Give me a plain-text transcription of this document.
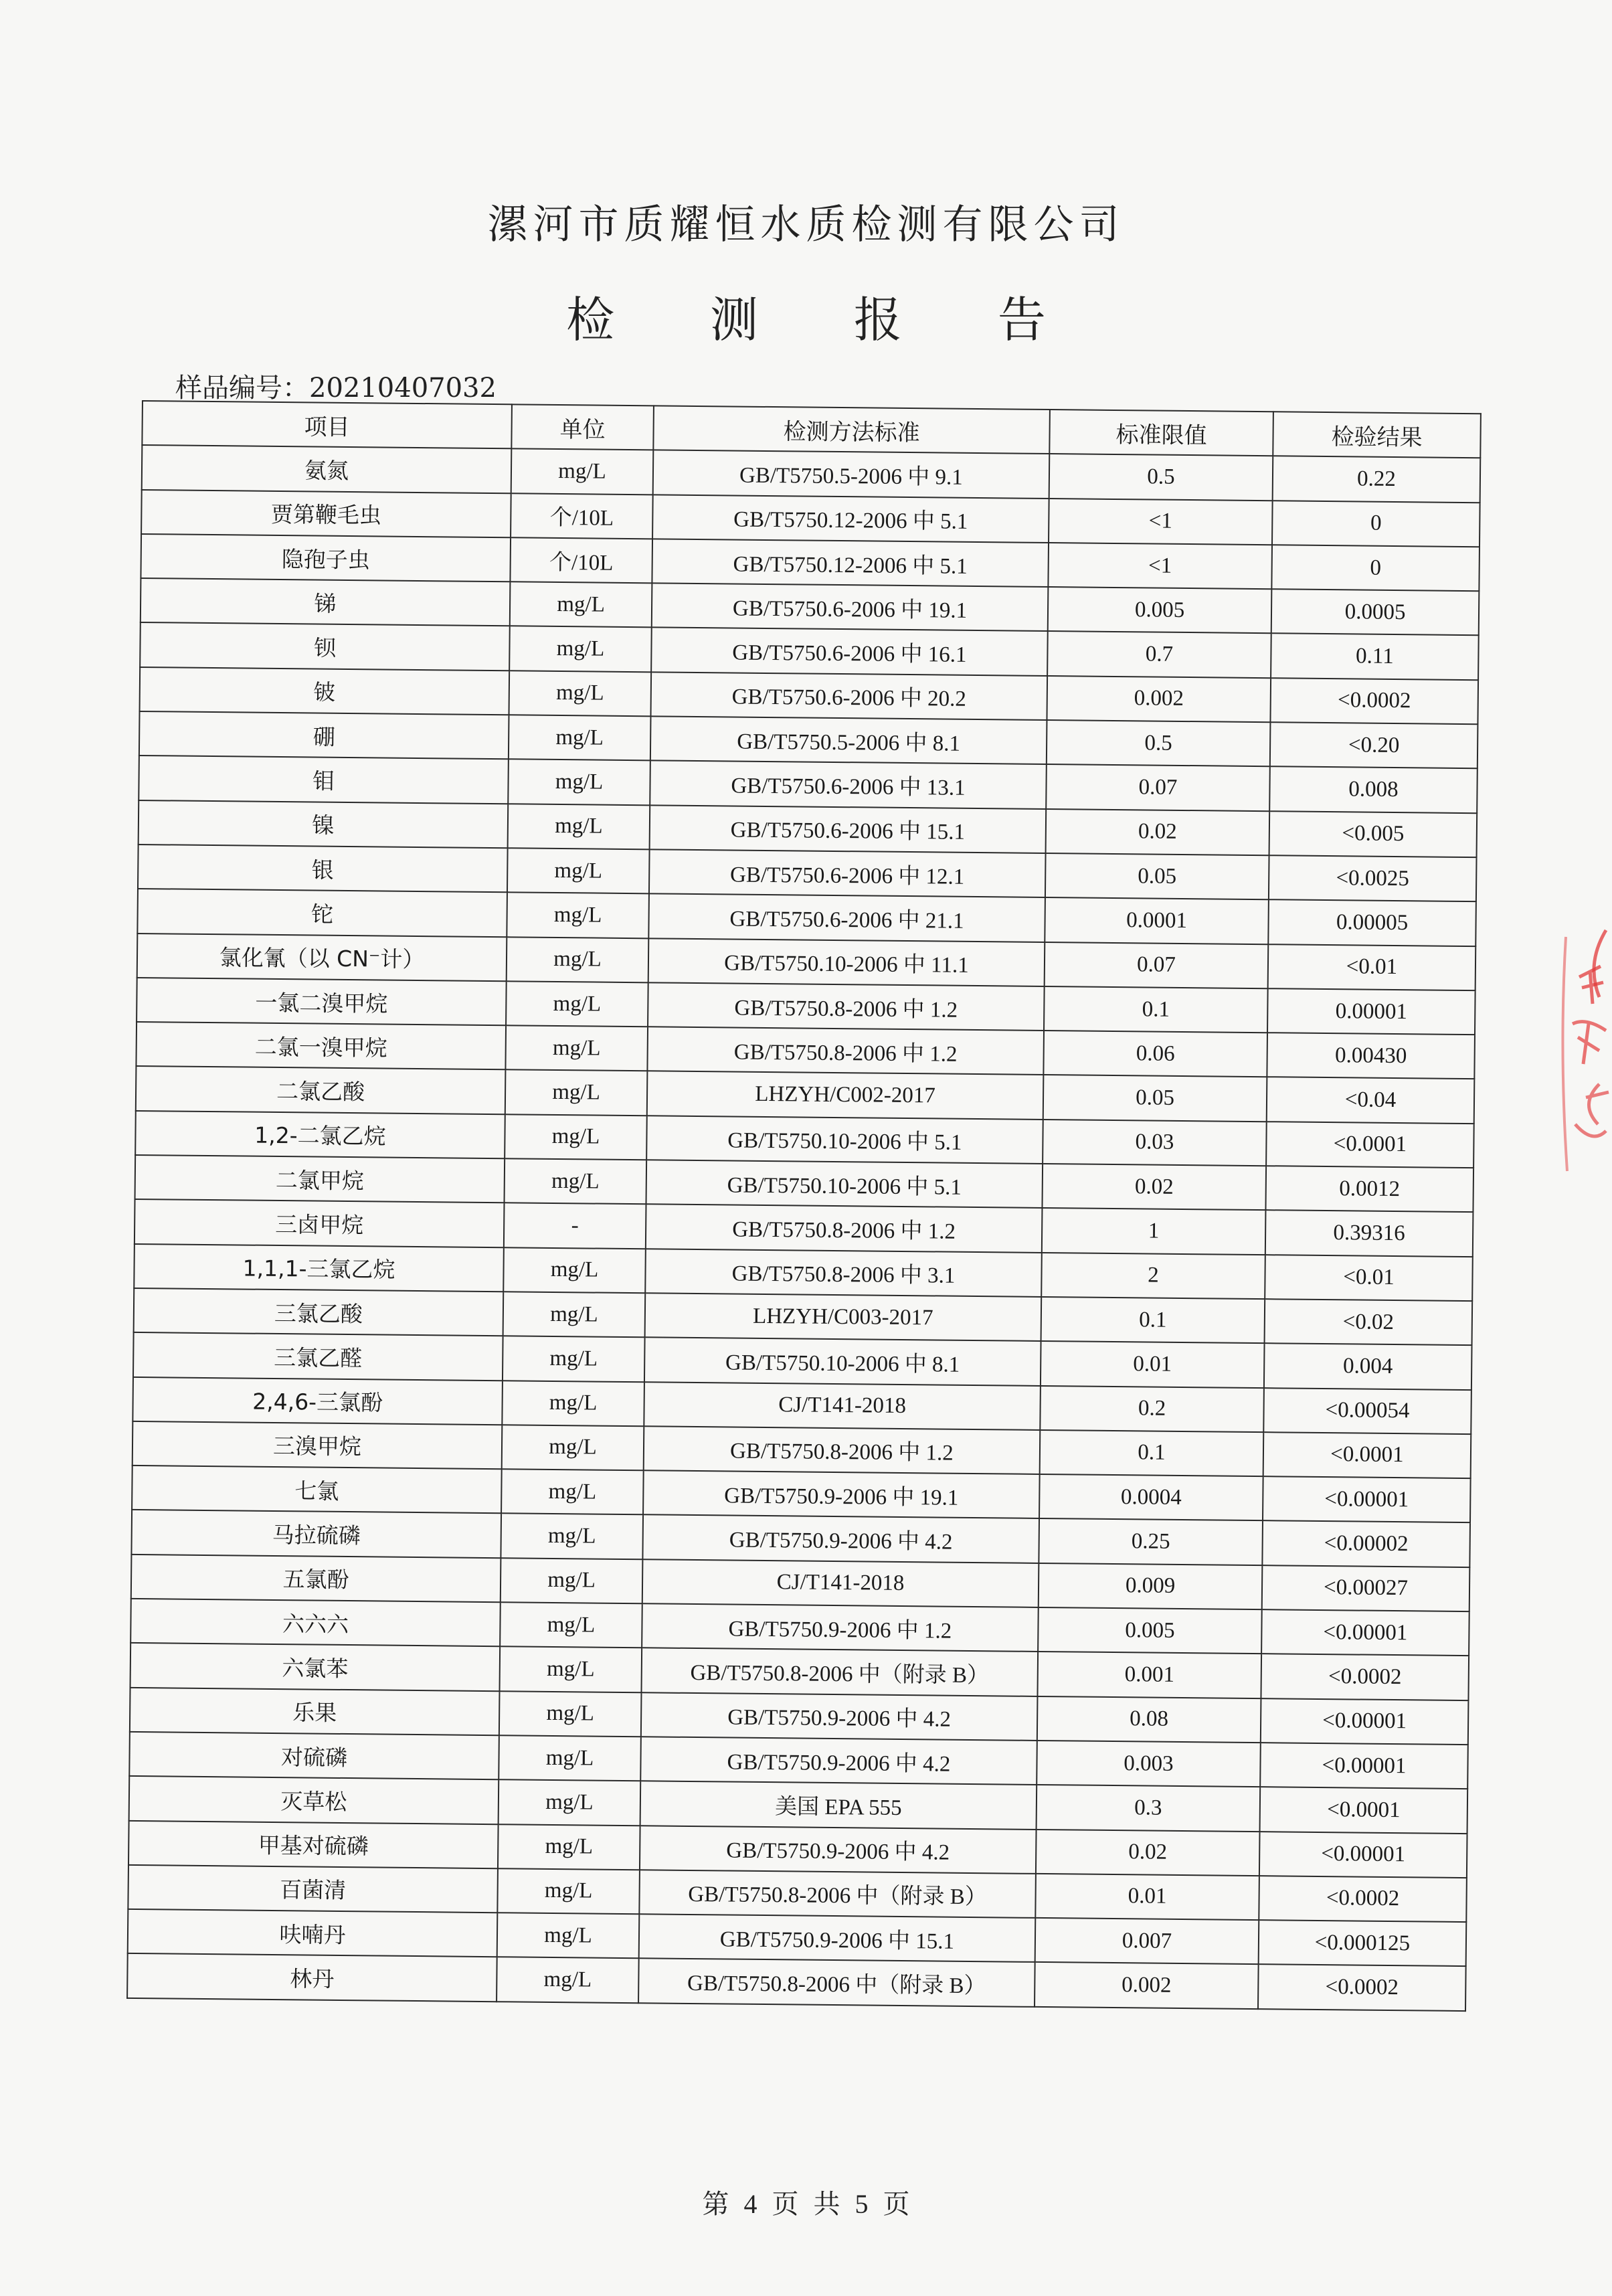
漯河市质耀恒水质检测有限公司
检 测 报 告
样品编号：20210407032
项目	单位	检测方法标准	标准限值	检验结果
氨氮	mg/L	GB/T5750.5-2006 中 9.1	0.5	0.22
贾第鞭毛虫	个/10L	GB/T5750.12-2006 中 5.1	<1	0
隐孢子虫	个/10L	GB/T5750.12-2006 中 5.1	<1	0
锑	mg/L	GB/T5750.6-2006 中 19.1	0.005	0.0005
钡	mg/L	GB/T5750.6-2006 中 16.1	0.7	0.11
铍	mg/L	GB/T5750.6-2006 中 20.2	0.002	<0.0002
硼	mg/L	GB/T5750.5-2006 中 8.1	0.5	<0.20
钼	mg/L	GB/T5750.6-2006 中 13.1	0.07	0.008
镍	mg/L	GB/T5750.6-2006 中 15.1	0.02	<0.005
银	mg/L	GB/T5750.6-2006 中 12.1	0.05	<0.0025
铊	mg/L	GB/T5750.6-2006 中 21.1	0.0001	0.00005
氯化氰（以 CN⁻计）	mg/L	GB/T5750.10-2006 中 11.1	0.07	<0.01
一氯二溴甲烷	mg/L	GB/T5750.8-2006 中 1.2	0.1	0.00001
二氯一溴甲烷	mg/L	GB/T5750.8-2006 中 1.2	0.06	0.00430
二氯乙酸	mg/L	LHZYH/C002-2017	0.05	<0.04
1,2-二氯乙烷	mg/L	GB/T5750.10-2006 中 5.1	0.03	<0.0001
二氯甲烷	mg/L	GB/T5750.10-2006 中 5.1	0.02	0.0012
三卤甲烷	-	GB/T5750.8-2006 中 1.2	1	0.39316
1,1,1-三氯乙烷	mg/L	GB/T5750.8-2006 中 3.1	2	<0.01
三氯乙酸	mg/L	LHZYH/C003-2017	0.1	<0.02
三氯乙醛	mg/L	GB/T5750.10-2006 中 8.1	0.01	0.004
2,4,6-三氯酚	mg/L	CJ/T141-2018	0.2	<0.00054
三溴甲烷	mg/L	GB/T5750.8-2006 中 1.2	0.1	<0.0001
七氯	mg/L	GB/T5750.9-2006 中 19.1	0.0004	<0.00001
马拉硫磷	mg/L	GB/T5750.9-2006 中 4.2	0.25	<0.00002
五氯酚	mg/L	CJ/T141-2018	0.009	<0.00027
六六六	mg/L	GB/T5750.9-2006 中 1.2	0.005	<0.00001
六氯苯	mg/L	GB/T5750.8-2006 中（附录 B）	0.001	<0.0002
乐果	mg/L	GB/T5750.9-2006 中 4.2	0.08	<0.00001
对硫磷	mg/L	GB/T5750.9-2006 中 4.2	0.003	<0.00001
灭草松	mg/L	美国 EPA 555	0.3	<0.0001
甲基对硫磷	mg/L	GB/T5750.9-2006 中 4.2	0.02	<0.00001
百菌清	mg/L	GB/T5750.8-2006 中（附录 B）	0.01	<0.0002
呋喃丹	mg/L	GB/T5750.9-2006 中 15.1	0.007	<0.000125
林丹	mg/L	GB/T5750.8-2006 中（附录 B）	0.002	<0.0002
第 4 页 共 5 页
